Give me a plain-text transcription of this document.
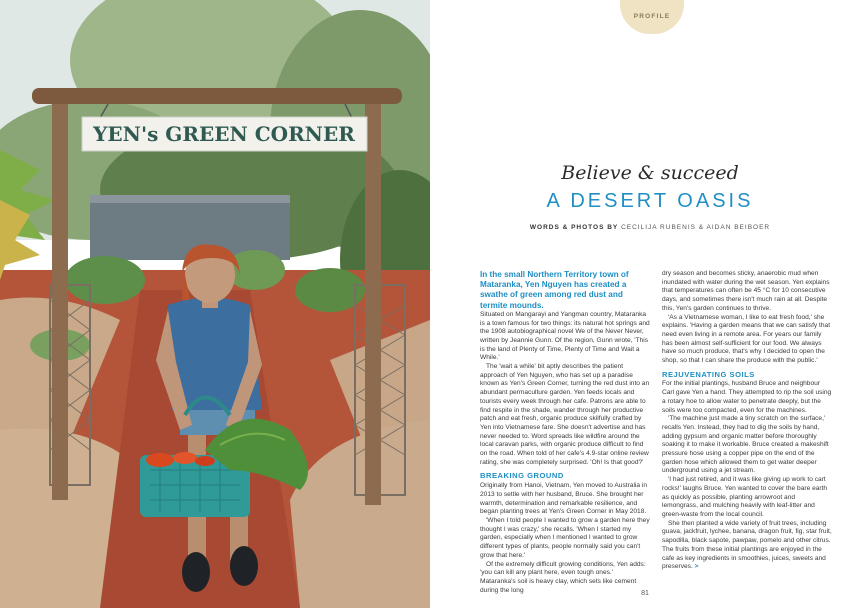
YEN's GREEN CORNER
PROFILE
Believe & succeed
A DESERT OASIS
WORDS & PHOTOS BY CECILIJA RUBENIS & AIDAN BEIBOER

In the small Northern Territory town of Mataranka, Yen Nguyen has created a swathe of green among red dust and termite mounds.

Situated on Mangarayi and Yangman country, Mataranka is a town famous for two things: its natural hot springs and the 1908 autobiographical novel We of the Never Never, written by Jeannie Gunn. Of the region, Gunn wrote, 'This is the land of Plenty of Time, Plenty of Time and Wait a While.'

The 'wait a while' bit aptly describes the patient approach of Yen Nguyen, who has set up a paradise known as Yen's Green Corner, turning the red dust into an abundant permaculture garden. Yen feeds locals and tourists every week through her cafe. Patrons are able to find respite in the shade, wander through her productive patch and eat fresh, organic produce skilfully crafted by Yen into Vietnamese fare. She doesn't advertise and has never needed to. Word spreads like wildfire around the local caravan parks, with organic produce difficult to find on the road. When told of her cafe's 4.9-star online review rating, she was completely surprised. 'Oh! Is that good?'

BREAKING GROUND

Originally from Hanoi, Vietnam, Yen moved to Australia in 2013 to settle with her husband, Bruce. She brought her warmth, determination and remarkable resilience, and began planting trees at Yen's Green Corner in May 2018.

'When I told people I wanted to grow a garden here they thought I was crazy,' she recalls. 'When I started my garden, especially when I mentioned I wanted to grow different types of plants, people normally said you can't grow that here.'

Of the extremely difficult growing conditions, Yen adds: 'you can kill any plant here, even tough ones.' Mataranka's soil is heavy clay, which sets like cement during the long

dry season and becomes sticky, anaerobic mud when inundated with water during the wet season. Yen explains that temperatures can often be 45 °C for 10 consecutive days, and sometimes there isn't much rain at all. Despite this, Yen's garden continues to thrive.

'As a Vietnamese woman, I like to eat fresh food,' she explains. 'Having a garden means that we can satisfy that need even living in a remote area. For years our family has been almost self-sufficient for our food. We always have so much produce, that's why I decided to open the shop, so that I can share the produce with the public.'

REJUVENATING SOILS

For the initial plantings, husband Bruce and neighbour Carl gave Yen a hand. They attempted to rip the soil using a rotary hoe to allow water to penetrate deeply, but the soils were too compacted, even for the machines.

'The machine just made a tiny scratch on the surface,' recalls Yen. Instead, they had to dig the soils by hand, adding gypsum and organic matter before thoroughly soaking it to make it workable. Bruce created a makeshift pressure hose using a copper pipe on the end of the garden hose which allowed them to get water deeper underground using a jet stream.

'I had just retired, and it was like giving up work to cart rocks!' laughs Bruce. Yen wanted to cover the bare earth as quickly as possible, planting arrowroot and lemongrass, and mulching heavily with leaf-litter and green-waste from the local council.

She then planted a wide variety of fruit trees, including guava, jackfruit, lychee, banana, dragon fruit, fig, star fruit, sapodilla, black sapote, pawpaw, pomelo and other citrus. The fruits from these initial plantings are enjoyed in the cafe as key ingredients in smoothies, juices, sweets and preserves. >

81
